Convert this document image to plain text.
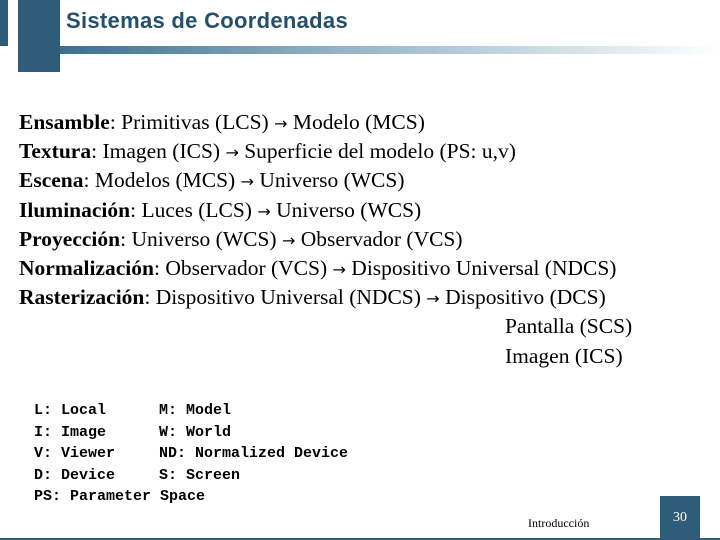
Sistemas de Coordenadas
Ensamble: Primitivas (LCS) → Modelo (MCS)
Textura: Imagen (ICS) → Superficie del modelo (PS: u,v)
Escena: Modelos (MCS) → Universo (WCS)
Iluminación: Luces (LCS) → Universo (WCS)
Proyección: Universo (WCS) → Observador (VCS)
Normalización: Observador (VCS) → Dispositivo Universal (NDCS)
Rasterización: Dispositivo Universal (NDCS) → Dispositivo (DCS)
Pantalla (SCS)
Imagen (ICS)
L: Local	M: Model
I: Image	W: World
V: Viewer	ND: Normalized Device
D: Device	S: Screen
PS: Parameter Space
Introducción	30
